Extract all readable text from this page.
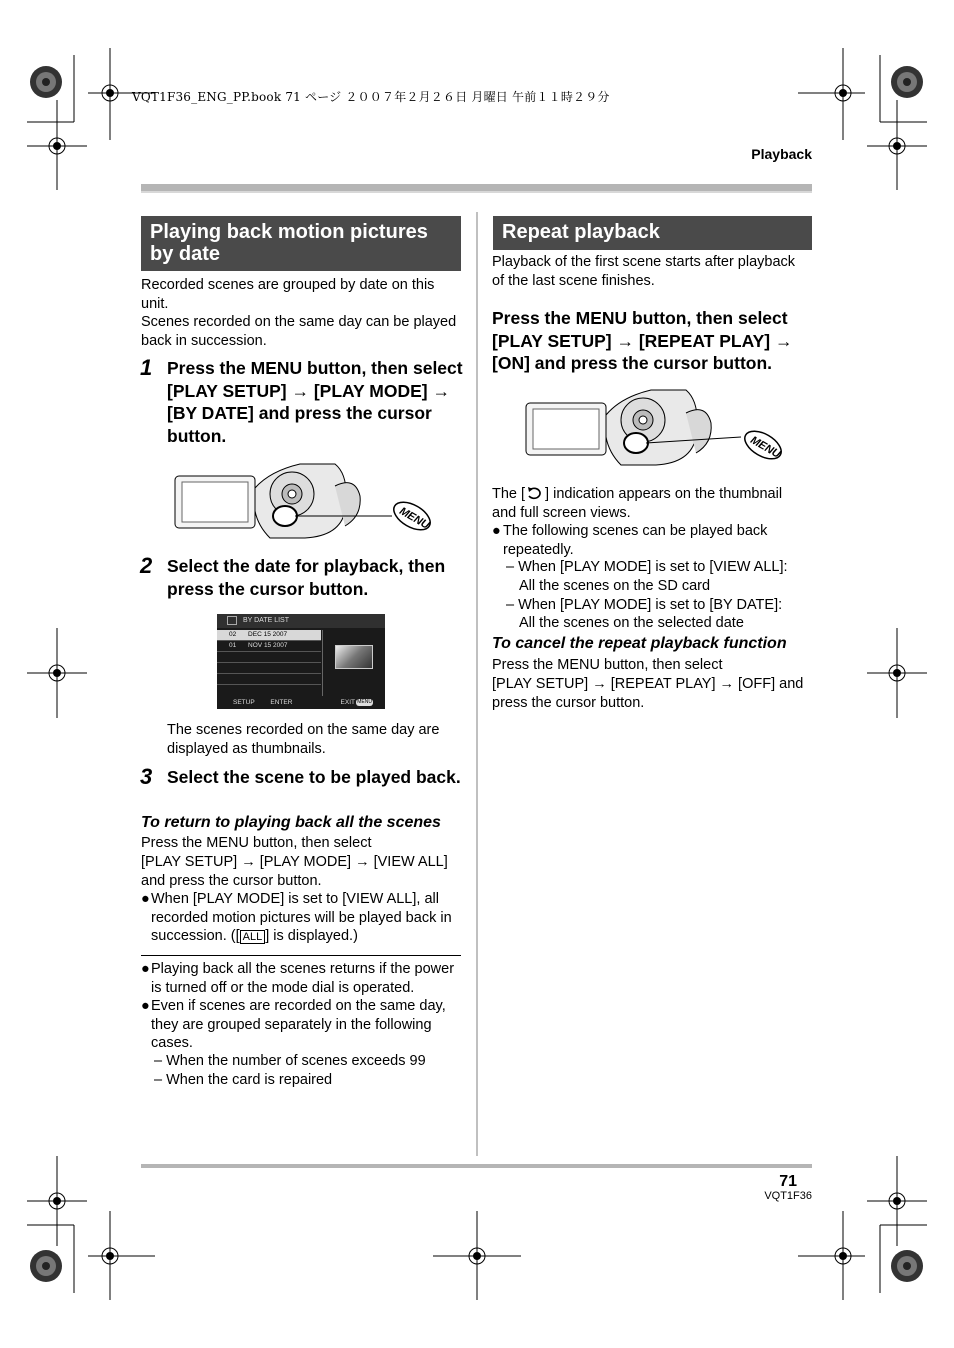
VQT1F36_ENG_PP.book 71 ページ ２００７年２月２６日 月曜日 午前１１時２９分
Playback
Playing back motion pictures by date
Recorded scenes are grouped by date on this unit.
Scenes recorded on the same day can be played back in succession.
1 Press the MENU button, then select [PLAY SETUP] → [PLAY MODE] → [BY DATE] and press the cursor button.
MENU
2 Select the date for playback, then press the cursor button.
BY DATE LIST
02 DEC 15 2007
01 NOV 15 2007
SETUP ENTER	EXIT MENU
The scenes recorded on the same day are displayed as thumbnails.
3 Select the scene to be played back.
To return to playing back all the scenes
Press the MENU button, then select
[PLAY SETUP] → [PLAY MODE] → [VIEW ALL]
and press the cursor button.
● When [PLAY MODE] is set to [VIEW ALL], all recorded motion pictures will be played back in succession. ([ ALL ] is displayed.)
● Playing back all the scenes returns if the power is turned off or the mode dial is operated.
● Even if scenes are recorded on the same day, they are grouped separately in the following cases.
– When the number of scenes exceeds 99
– When the card is repaired
Repeat playback
Playback of the first scene starts after playback of the last scene finishes.
Press the MENU button, then select [PLAY SETUP] → [REPEAT PLAY] → [ON] and press the cursor button.
MENU
The [ ] indication appears on the thumbnail and full screen views.
● The following scenes can be played back repeatedly.
– When [PLAY MODE] is set to [VIEW ALL]:
All the scenes on the SD card
– When [PLAY MODE] is set to [BY DATE]:
All the scenes on the selected date
To cancel the repeat playback function
Press the MENU button, then select
[PLAY SETUP] → [REPEAT PLAY] → [OFF] and
press the cursor button.
71
VQT1F36
